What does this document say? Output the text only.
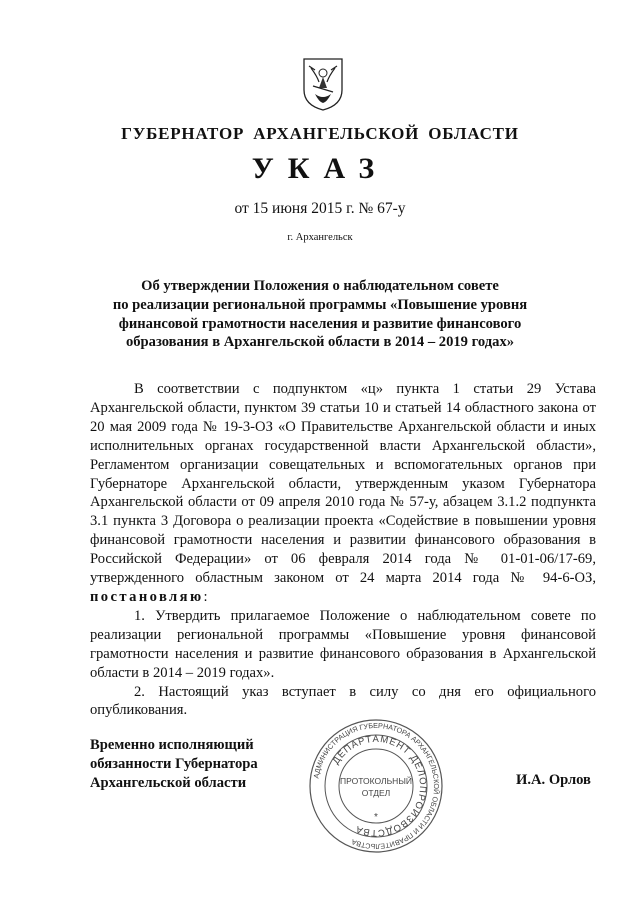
ГУБЕРНАТОР АРХАНГЕЛЬСКОЙ ОБЛАСТИ
УКАЗ
от 15 июня 2015 г. № 67-у
г. Архангельск
Об утверждении Положения о наблюдательном совете
по реализации региональной программы «Повышение уровня
финансовой грамотности населения и развитие финансового
образования в Архангельской области в 2014 – 2019 годах»

В соответствии с подпунктом «ц» пункта 1 статьи 29 Устава Архангельской области, пунктом 39 статьи 10 и статьей 14 областного закона от 20 мая 2009 года № 19-3-ОЗ «О Правительстве Архангельской области и иных исполнительных органах государственной власти Архангельской области», Регламентом организации совещательных и вспомогательных органов при Губернаторе Архангельской области, утвержденным указом Губернатора Архангельской области от 09 апреля 2010 года № 57-у, абзацем 3.1.2 подпункта 3.1 пункта 3 Договора о реализации проекта «Содействие в повышении уровня финансовой грамотности населения и развитии финансового образования в Российской Федерации» от 06 февраля 2014 года № 01-01-06/17-69, утвержденного областным законом от 24 марта 2014 года № 94-6-ОЗ, постановляю:

1. Утвердить прилагаемое Положение о наблюдательном совете по реализации региональной программы «Повышение уровня финансовой грамотности населения и развитие финансового образования в Архангельской области в 2014 – 2019 годах».

2. Настоящий указ вступает в силу со дня его официального опубликования.

Временно исполняющий
обязанности Губернатора
Архангельской области	И.А. Орлов
АДМИНИСТРАЦИЯ ГУБЕРНАТОРА АРХАНГЕЛЬСКОЙ ОБЛАСТИ И ПРАВИТЕЛЬСТВА
ДЕПАРТАМЕНТ ДЕЛОПРОИЗВОДСТВА
ПРОТОКОЛЬНЫЙ
ОТДЕЛ
*
